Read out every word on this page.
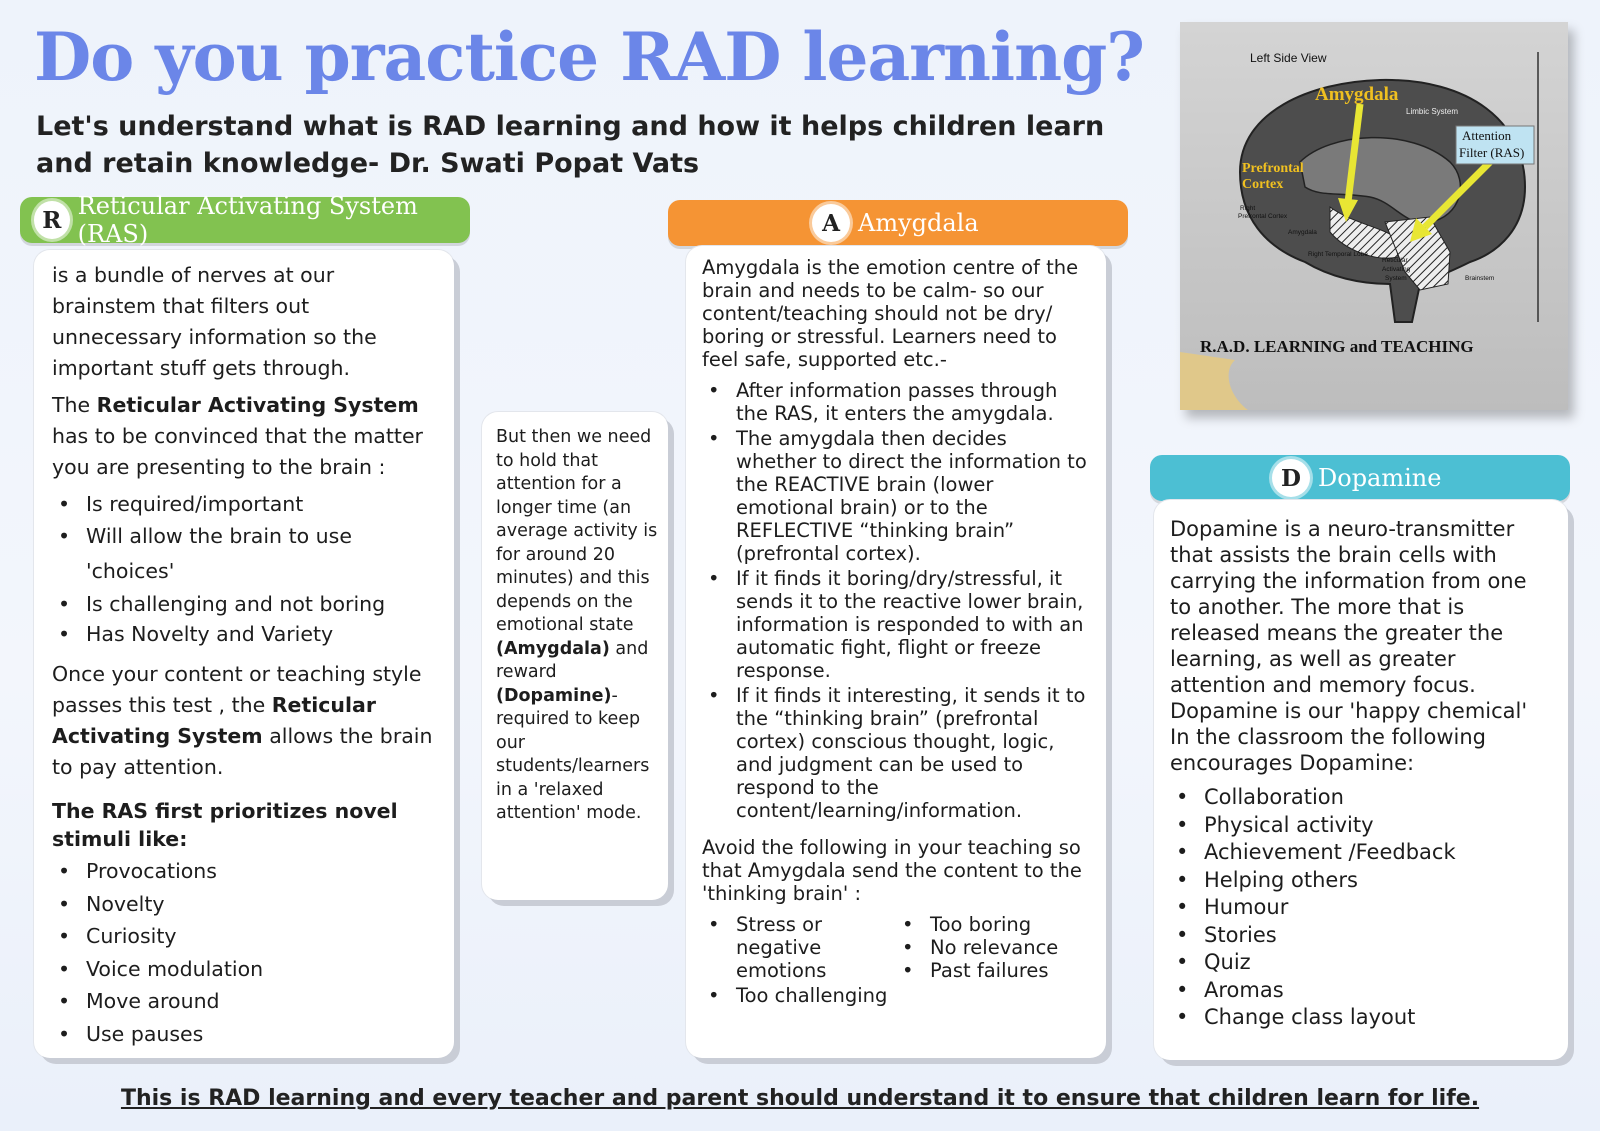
Do you practice RAD learning?

Let's understand what is RAD learning and how it helps children learn and retain knowledge- Dr. Swati Popat Vats

R Reticular Activating System (RAS)

is a bundle of nerves at our brainstem that filters out unnecessary information so the important stuff gets through.

The Reticular Activating System has to be convinced that the matter you are presenting to the brain :

• Is required/important
• Will allow the brain to use 'choices'
• Is challenging and not boring
• Has Novelty and Variety

Once your content or teaching style passes this test , the Reticular Activating System allows the brain to pay attention.

The RAS first prioritizes novel stimuli like:

• Provocations
• Novelty
• Curiosity
• Voice modulation
• Move around
• Use pauses

But then we need to hold that attention for a longer time (an average activity is for around 20 minutes) and this depends on the emotional state (Amygdala) and reward (Dopamine)- required to keep our students/learners in a 'relaxed attention' mode.

A Amygdala

Amygdala is the emotion centre of the brain and needs to be calm- so our content/teaching should not be dry/ boring or stressful. Learners need to feel safe, supported etc.-

• After information passes through the RAS, it enters the amygdala.
• The amygdala then decides whether to direct the information to the REACTIVE brain (lower emotional brain) or to the REFLECTIVE “thinking brain” (prefrontal cortex).
• If it finds it boring/dry/stressful, it sends it to the reactive lower brain, information is responded to with an automatic fight, flight or freeze response.
• If it finds it interesting, it sends it to the “thinking brain” (prefrontal cortex) conscious thought, logic, and judgment can be used to respond to the content/learning/information.

Avoid the following in your teaching so that Amygdala send the content to the 'thinking brain' :

• Stress or negative emotions
• Too challenging
• Too boring
• No relevance
• Past failures
Left Side View
Amygdala
Limbic System
Attention
Filter (RAS)
Prefrontal
Cortex
Right
Prefrontal Cortex
Amygdala
Right Temporal Lobe
Reticular
Activating
System	Brainstem
R.A.D. LEARNING and TEACHING
D Dopamine

Dopamine is a neuro-transmitter that assists the brain cells with carrying the information from one to another. The more that is released means the greater the learning, as well as greater attention and memory focus. Dopamine is our 'happy chemical' In the classroom the following encourages Dopamine:

• Collaboration
• Physical activity
• Achievement /Feedback
• Helping others
• Humour
• Stories
• Quiz
• Aromas
• Change class layout

This is RAD learning and every teacher and parent should understand it to ensure that children learn for life.
